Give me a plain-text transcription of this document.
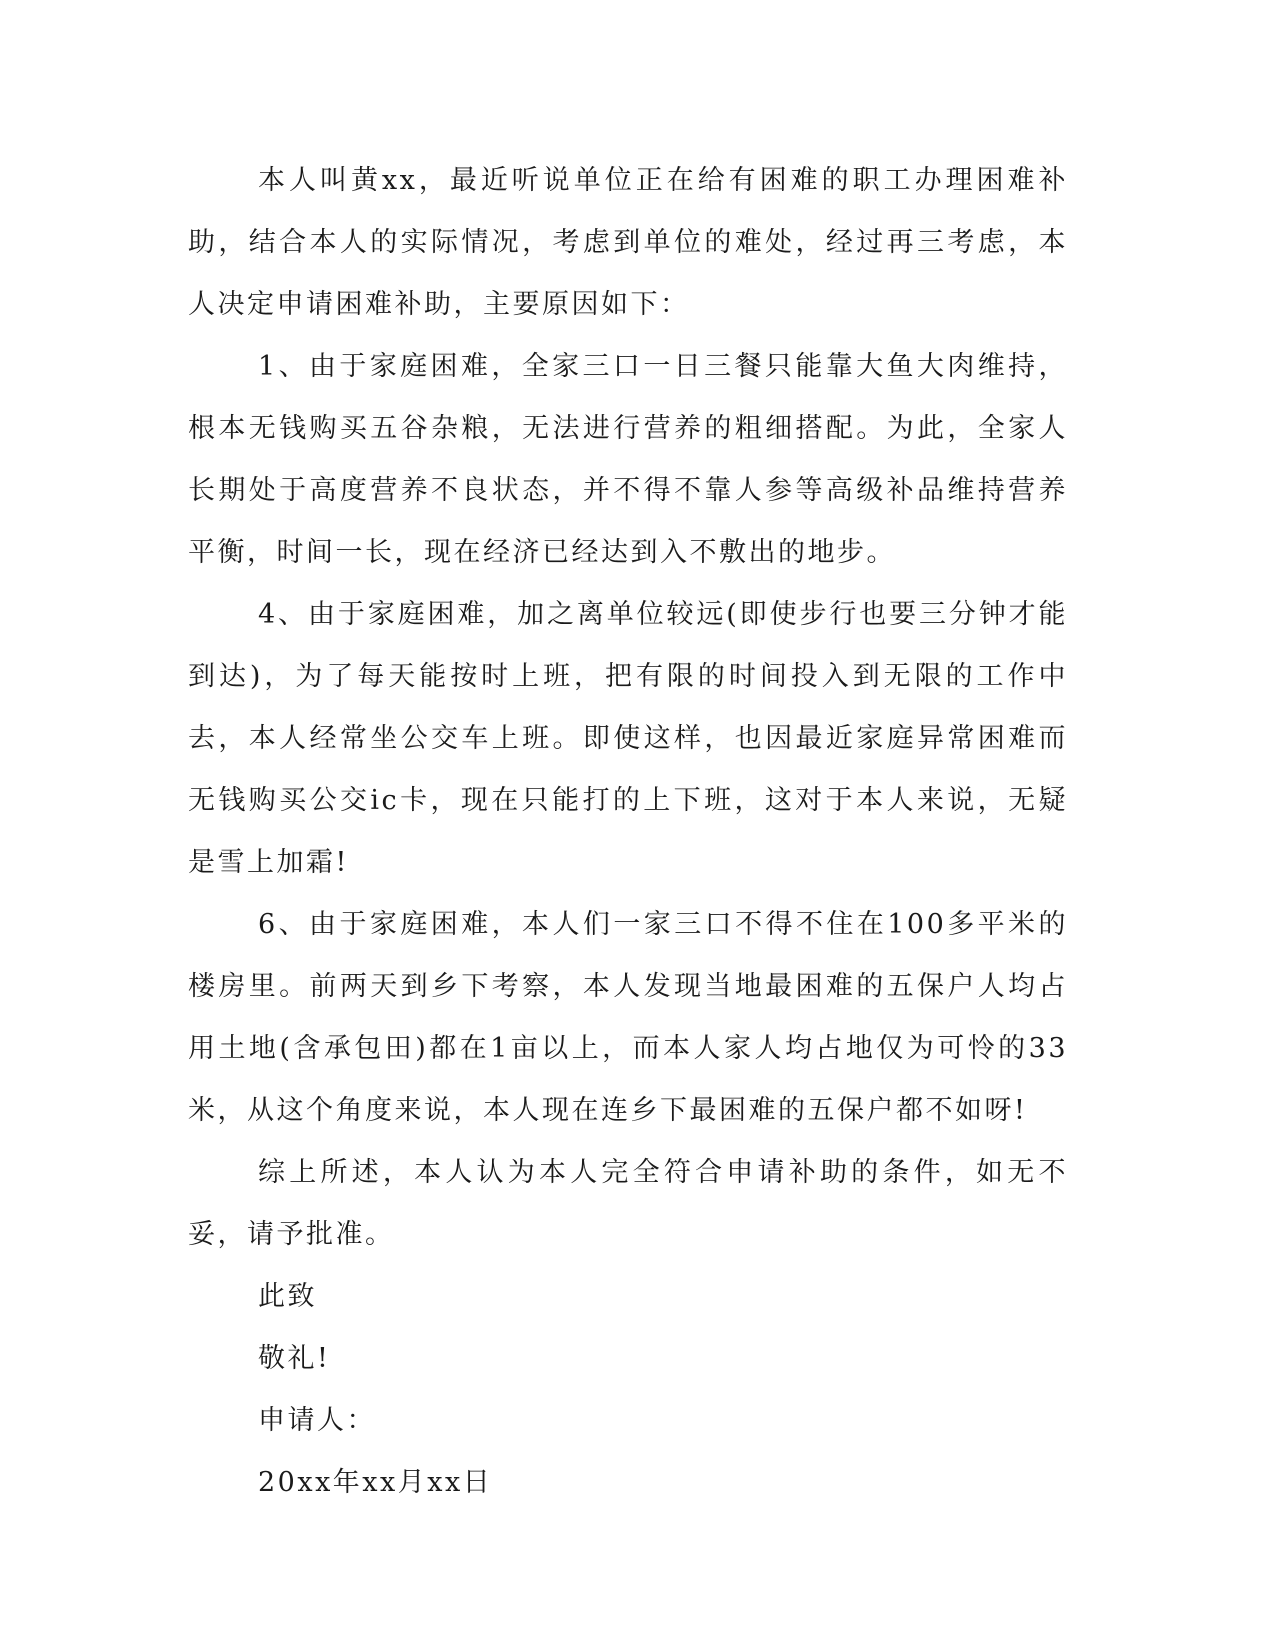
本人叫黄xx，最近听说单位正在给有困难的职工办理困难补助，结合本人的实际情况，考虑到单位的难处，经过再三考虑，本人决定申请困难补助，主要原因如下：

1、由于家庭困难，全家三口一日三餐只能靠大鱼大肉维持，根本无钱购买五谷杂粮，无法进行营养的粗细搭配。为此，全家人长期处于高度营养不良状态，并不得不靠人参等高级补品维持营养平衡，时间一长，现在经济已经达到入不敷出的地步。

4、由于家庭困难，加之离单位较远(即使步行也要三分钟才能到达)，为了每天能按时上班，把有限的时间投入到无限的工作中去，本人经常坐公交车上班。即使这样，也因最近家庭异常困难而无钱购买公交ic卡，现在只能打的上下班，这对于本人来说，无疑是雪上加霜!

6、由于家庭困难，本人们一家三口不得不住在100多平米的楼房里。前两天到乡下考察，本人发现当地最困难的五保户人均占用土地(含承包田)都在1亩以上，而本人家人均占地仅为可怜的33米，从这个角度来说，本人现在连乡下最困难的五保户都不如呀!

综上所述，本人认为本人完全符合申请补助的条件，如无不妥，请予批准。

此致

敬礼!

申请人：

20xx年xx月xx日
